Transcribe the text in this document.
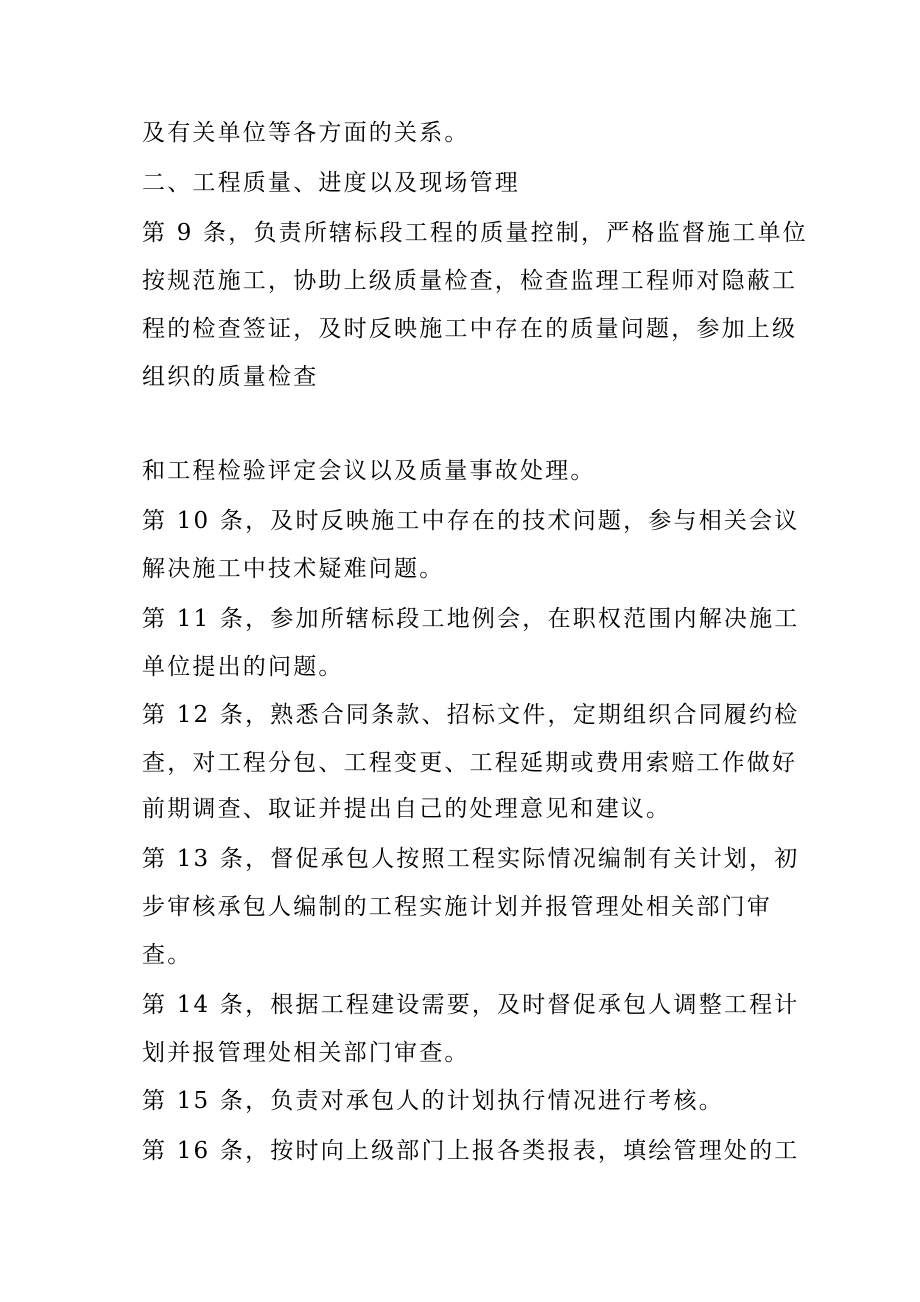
及有关单位等各方面的关系。
二、工程质量、进度以及现场管理
第 9 条，负责所辖标段工程的质量控制，严格监督施工单位
按规范施工，协助上级质量检查，检查监理工程师对隐蔽工
程的检查签证，及时反映施工中存在的质量问题，参加上级
组织的质量检查
和工程检验评定会议以及质量事故处理。
第 10 条，及时反映施工中存在的技术问题，参与相关会议
解决施工中技术疑难问题。
第 11 条，参加所辖标段工地例会，在职权范围内解决施工
单位提出的问题。
第 12 条，熟悉合同条款、招标文件，定期组织合同履约检
查，对工程分包、工程变更、工程延期或费用索赔工作做好
前期调查、取证并提出自己的处理意见和建议。
第 13 条，督促承包人按照工程实际情况编制有关计划，初
步审核承包人编制的工程实施计划并报管理处相关部门审
查。
第 14 条，根据工程建设需要，及时督促承包人调整工程计
划并报管理处相关部门审查。
第 15 条，负责对承包人的计划执行情况进行考核。
第 16 条，按时向上级部门上报各类报表，填绘管理处的工
